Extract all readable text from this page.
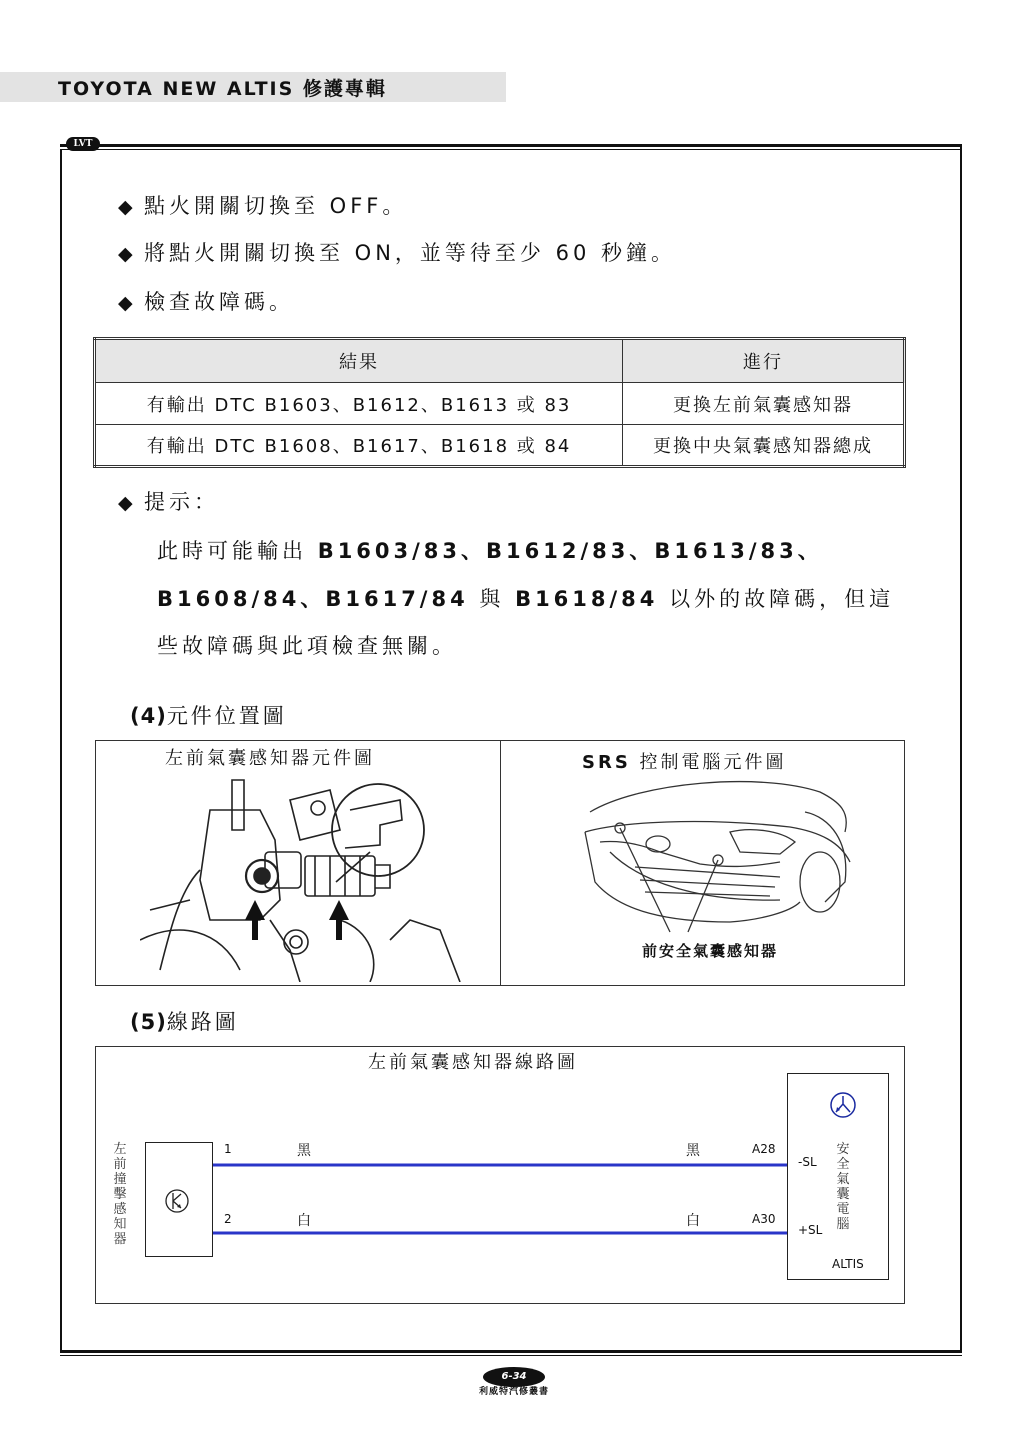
TOYOTA NEW ALTIS 修護專輯
LVT
◆ 點火開關切換至 OFF。
◆ 將點火開關切換至 ON，並等待至少 60 秒鐘。
◆ 檢查故障碼。
結果	進行
有輸出 DTC B1603、B1612、B1613 或 83	更換左前氣囊感知器
有輸出 DTC B1608、B1617、B1618 或 84	更換中央氣囊感知器總成
◆ 提示：
此時可能輸出 B1603/83、B1612/83、B1613/83、
B1608/84、B1617/84 與 B1618/84 以外的故障碼，但這
些故障碼與此項檢查無關。
(4)元件位置圖
左前氣囊感知器元件圖	SRS 控制電腦元件圖
前安全氣囊感知器
(5)線路圖
左前氣囊感知器線路圖
左前撞擊感知器
1	黑	黑	A28
2	白	白	A30
-SL
+SL
安全氣囊電腦
ALTIS
6-34
利威特汽修叢書
